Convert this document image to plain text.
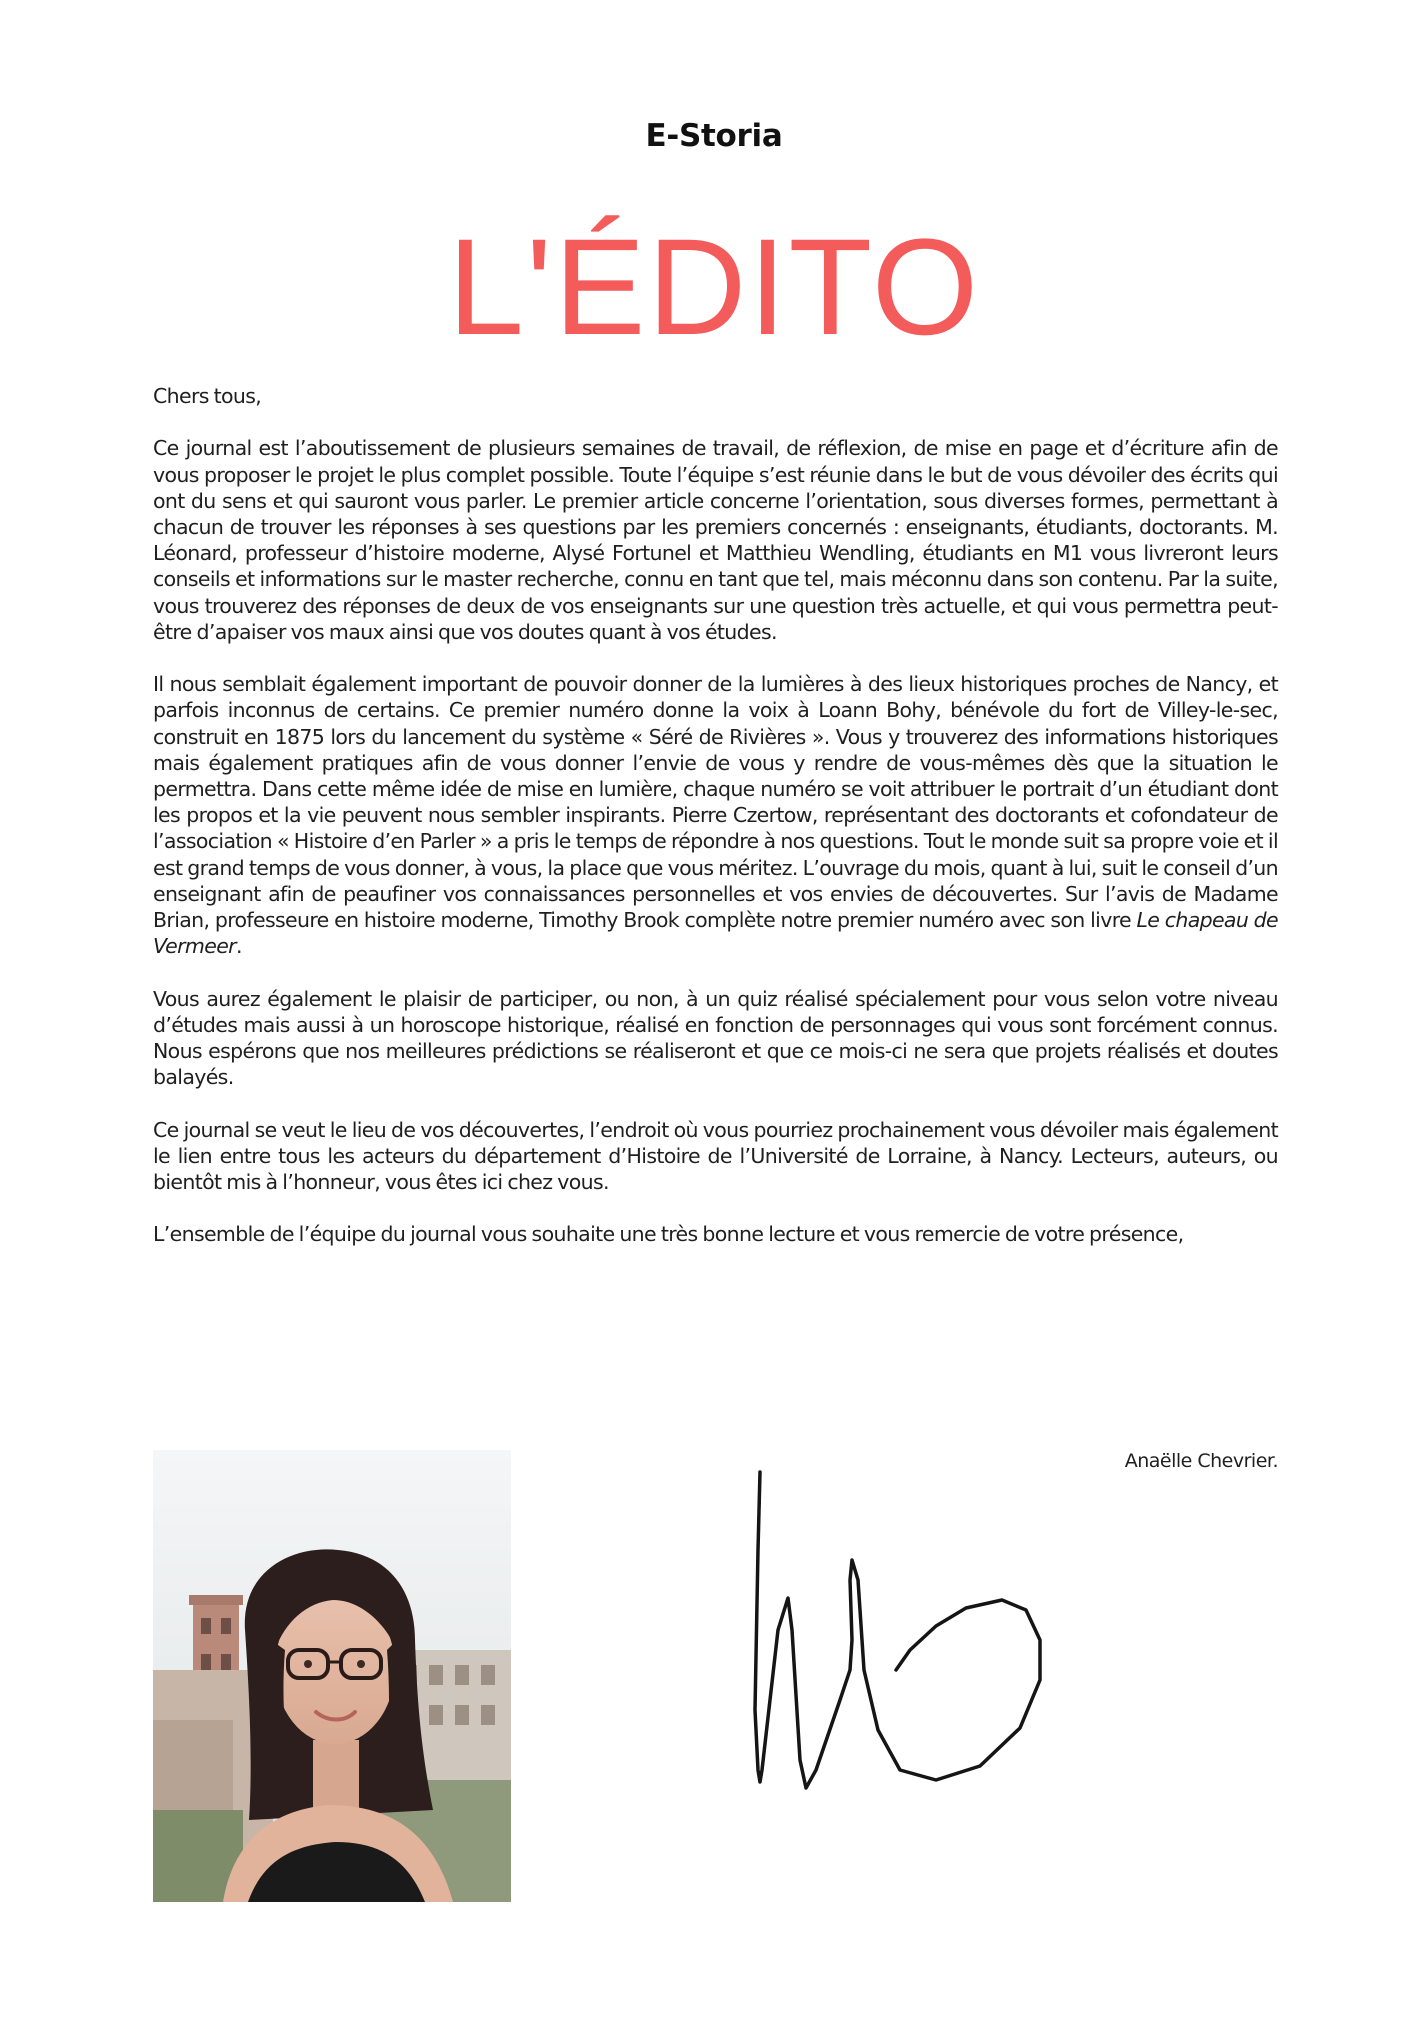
E-Storia
L'ÉDITO

Chers tous,

Ce journal est l’aboutissement de plusieurs semaines de travail, de réflexion, de mise en page et d’écriture afin de vous proposer le projet le plus complet possible. Toute l’équipe s’est réunie dans le but de vous dévoiler des écrits qui ont du sens et qui sauront vous parler. Le premier article concerne l’orientation, sous diverses formes, permettant à chacun de trouver les réponses à ses questions par les premiers concernés : enseignants, étudiants, doctorants. M. Léonard, professeur d’histoire moderne, Alysé Fortunel et Matthieu Wendling, étudiants en M1 vous livreront leurs conseils et informations sur le master recherche, connu en tant que tel, mais méconnu dans son contenu. Par la suite, vous trouverez des réponses de deux de vos enseignants sur une question très actuelle, et qui vous permettra peut-être d’apaiser vos maux ainsi que vos doutes quant à vos études.

Il nous semblait également important de pouvoir donner de la lumières à des lieux historiques proches de Nancy, et parfois inconnus de certains. Ce premier numéro donne la voix à Loann Bohy, bénévole du fort de Villey-le-sec, construit en 1875 lors du lancement du système « Séré de Rivières ». Vous y trouverez des informations historiques mais également pratiques afin de vous donner l’envie de vous y rendre de vous-mêmes dès que la situation le permettra. Dans cette même idée de mise en lumière, chaque numéro se voit attribuer le portrait d’un étudiant dont les propos et la vie peuvent nous sembler inspirants. Pierre Czertow, représentant des doctorants et cofondateur de l’association « Histoire d’en Parler » a pris le temps de répondre à nos questions. Tout le monde suit sa propre voie et il est grand temps de vous donner, à vous, la place que vous méritez. L’ouvrage du mois, quant à lui, suit le conseil d’un enseignant afin de peaufiner vos connaissances personnelles et vos envies de découvertes. Sur l’avis de Madame Brian, professeure en histoire moderne, Timothy Brook complète notre premier numéro avec son livre Le chapeau de Vermeer.

Vous aurez également le plaisir de participer, ou non, à un quiz réalisé spécialement pour vous selon votre niveau d’études mais aussi à un horoscope historique, réalisé en fonction de personnages qui vous sont forcément connus. Nous espérons que nos meilleures prédictions se réaliseront et que ce mois-ci ne sera que projets réalisés et doutes balayés.

Ce journal se veut le lieu de vos découvertes, l’endroit où vous pourriez prochainement vous dévoiler mais également le lien entre tous les acteurs du département d’Histoire de l’Université de Lorraine, à Nancy. Lecteurs, auteurs, ou bientôt mis à l’honneur, vous êtes ici chez vous.

L’ensemble de l’équipe du journal vous souhaite une très bonne lecture et vous remercie de votre présence,

Anaëlle Chevrier.
